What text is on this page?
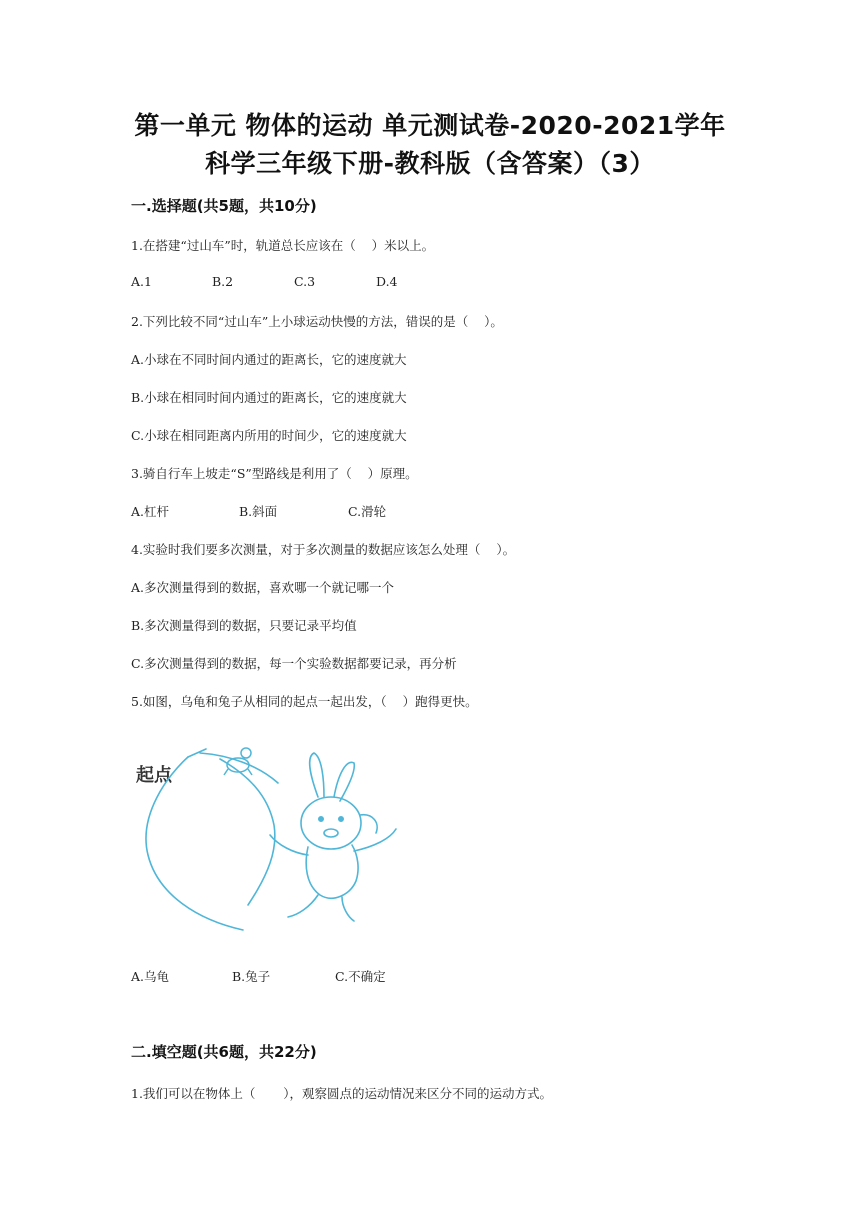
第一单元 物体的运动 单元测试卷-2020-2021学年
科学三年级下册-教科版（含答案）（3）
一.选择题(共5题，共10分)
1.在搭建“过山车”时，轨道总长应该在（    ）米以上。
A.1	B.2	C.3	D.4
2.下列比较不同“过山车”上小球运动快慢的方法，错误的是（    ）。
A.小球在不同时间内通过的距离长，它的速度就大
B.小球在相同时间内通过的距离长，它的速度就大
C.小球在相同距离内所用的时间少，它的速度就大
3.骑自行车上坡走“S”型路线是利用了（    ）原理。
A.杠杆	B.斜面	C.滑轮
4.实验时我们要多次测量，对于多次测量的数据应该怎么处理（    ）。
A.多次测量得到的数据，喜欢哪一个就记哪一个
B.多次测量得到的数据，只要记录平均值
C.多次测量得到的数据，每一个实验数据都要记录，再分析
5.如图，乌龟和兔子从相同的起点一起出发，（    ）跑得更快。
起点
A.乌龟	B.兔子	C.不确定
二.填空题(共6题，共22分)
1.我们可以在物体上（       ），观察圆点的运动情况来区分不同的运动方式。
